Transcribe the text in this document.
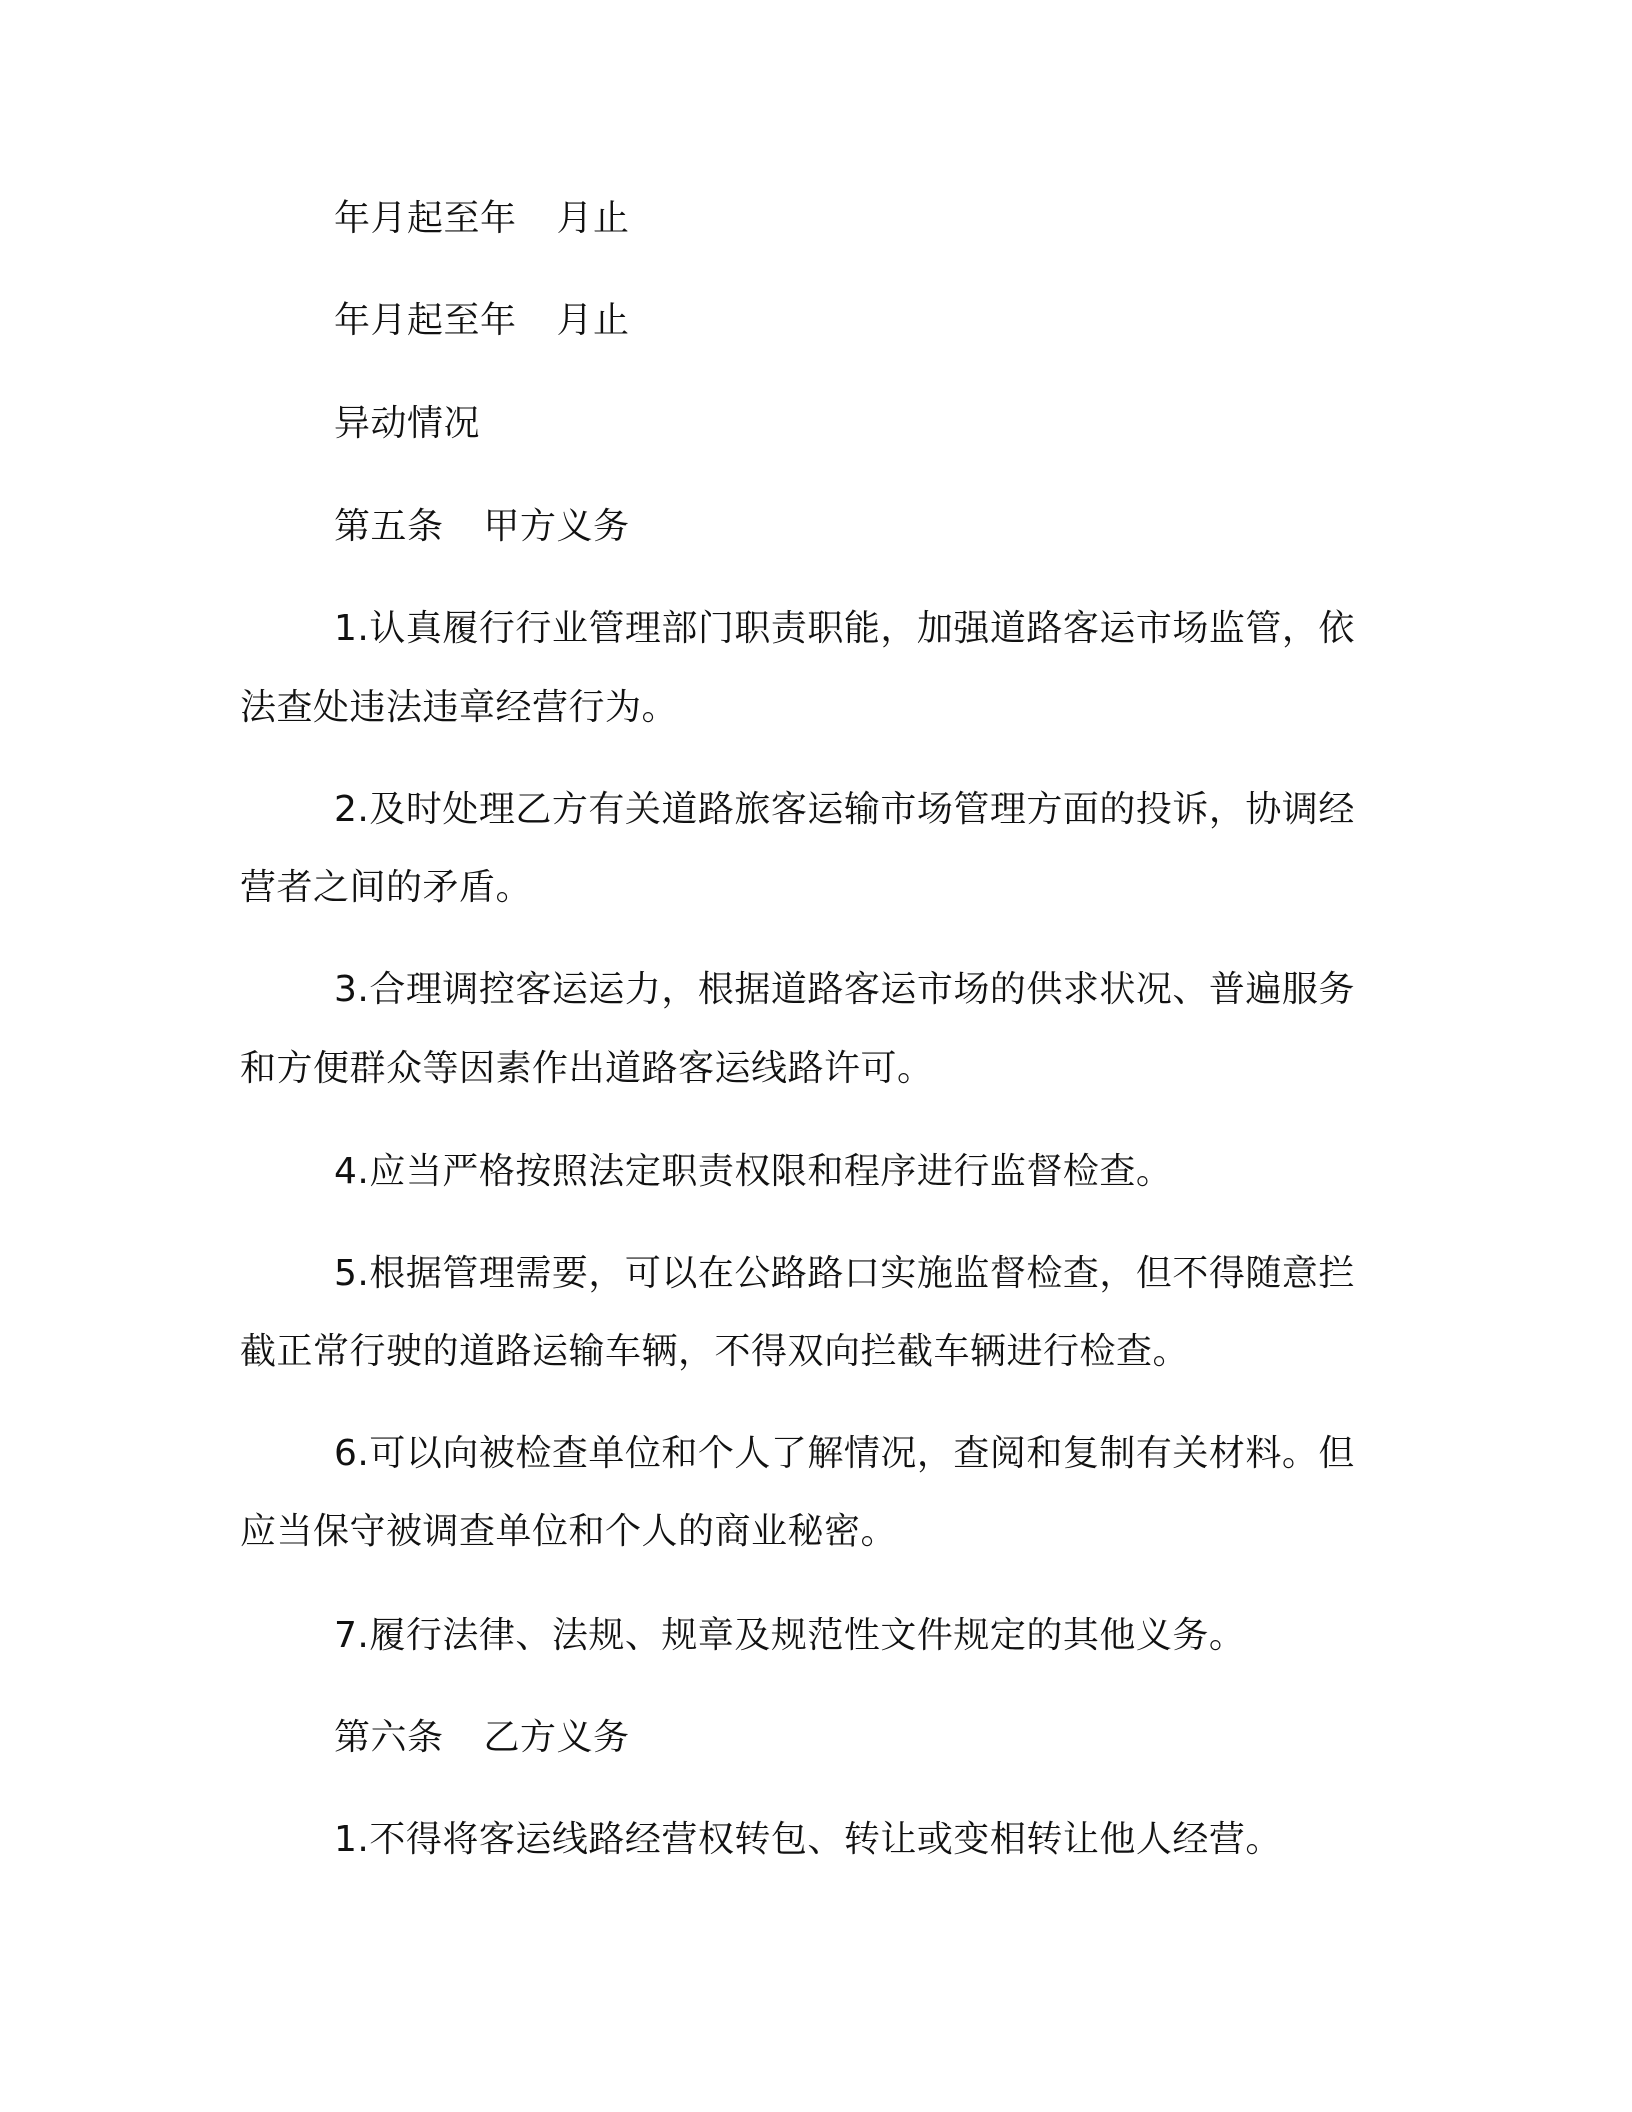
年月起至年 月止
年月起至年 月止
异动情况
第五条 甲方义务
1.认真履行行业管理部门职责职能，加强道路客运市场监管，依
法查处违法违章经营行为。
2.及时处理乙方有关道路旅客运输市场管理方面的投诉，协调经
营者之间的矛盾。
3.合理调控客运运力，根据道路客运市场的供求状况、普遍服务
和方便群众等因素作出道路客运线路许可。
4.应当严格按照法定职责权限和程序进行监督检查。
5.根据管理需要，可以在公路路口实施监督检查，但不得随意拦
截正常行驶的道路运输车辆，不得双向拦截车辆进行检查。
6.可以向被检查单位和个人了解情况，查阅和复制有关材料。但
应当保守被调查单位和个人的商业秘密。
7.履行法律、法规、规章及规范性文件规定的其他义务。
第六条 乙方义务
1.不得将客运线路经营权转包、转让或变相转让他人经营。
